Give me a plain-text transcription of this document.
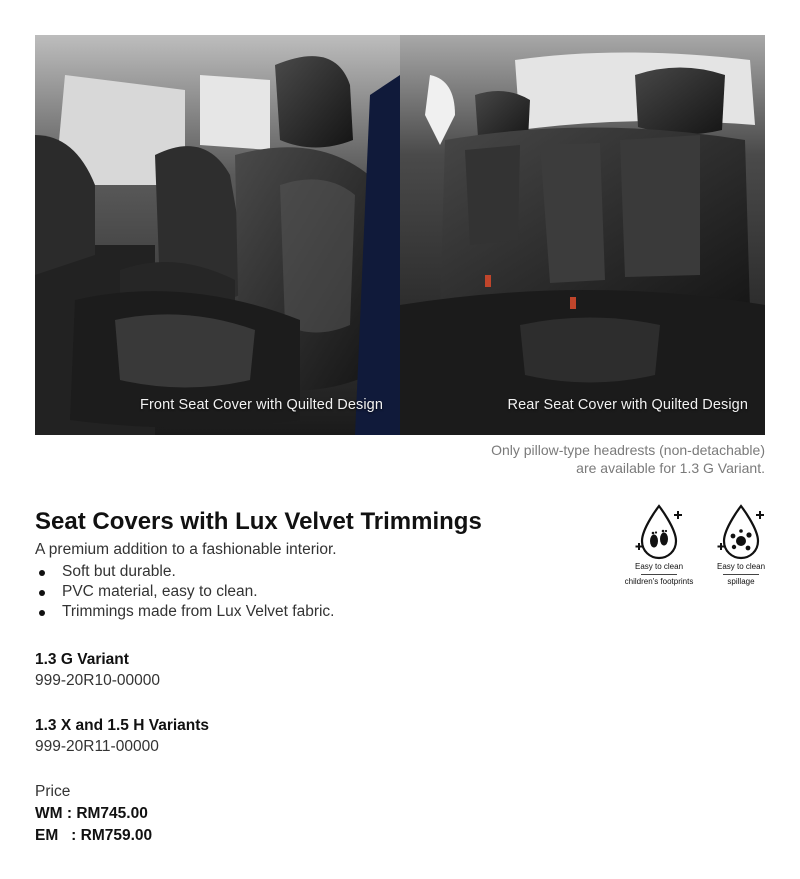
Front Seat Cover with Quilted Design	Rear Seat Cover with Quilted Design
Only pillow-type headrests (non-detachable)
are available for 1.3 G Variant.
Seat Covers with Lux Velvet Trimmings
A premium addition to a fashionable interior.
Soft but durable.
PVC material, easy to clean.
Trimmings made from Lux Velvet fabric.
Easy to clean
children's footprints
Easy to clean
spillage
1.3 G Variant
999-20R10-00000
1.3 X and 1.5 H Variants
999-20R11-00000
Price
WM : RM745.00
EM   : RM759.00
